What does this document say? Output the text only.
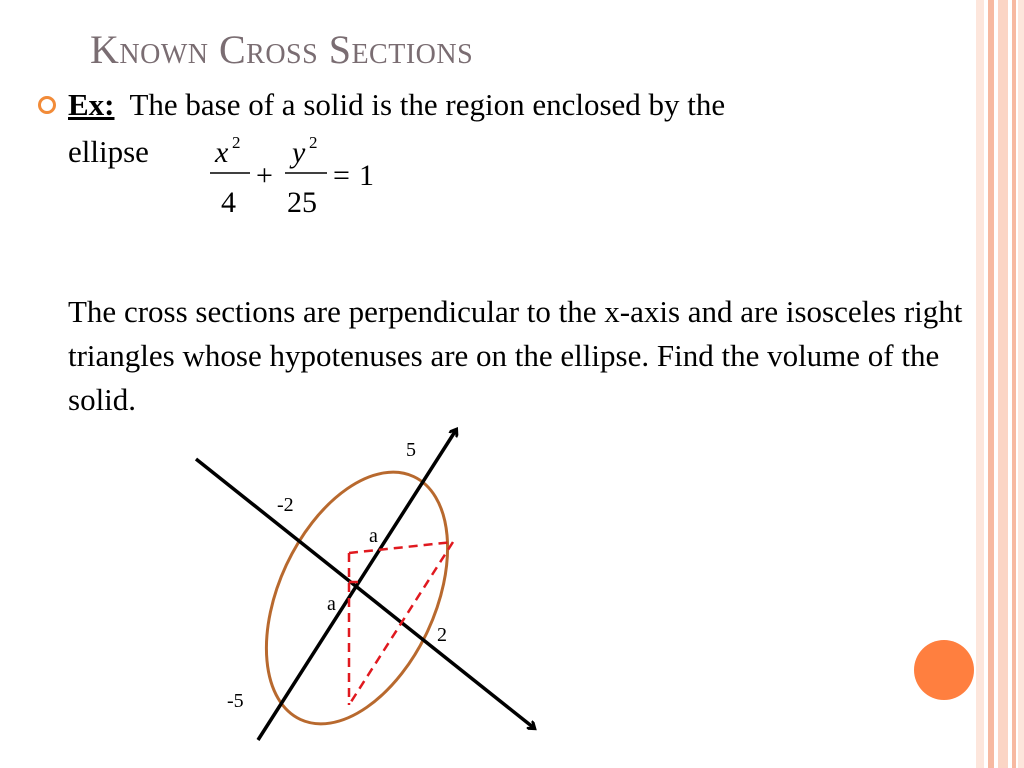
Known Cross Sections
Ex: The base of a solid is the region enclosed by the
ellipse x 2
4
+
y 2
25
= 1
The cross sections are perpendicular to the x-axis and are isosceles right triangles whose hypotenuses are on the ellipse. Find the volume of the solid.
5
-2
2
-5
a
a
